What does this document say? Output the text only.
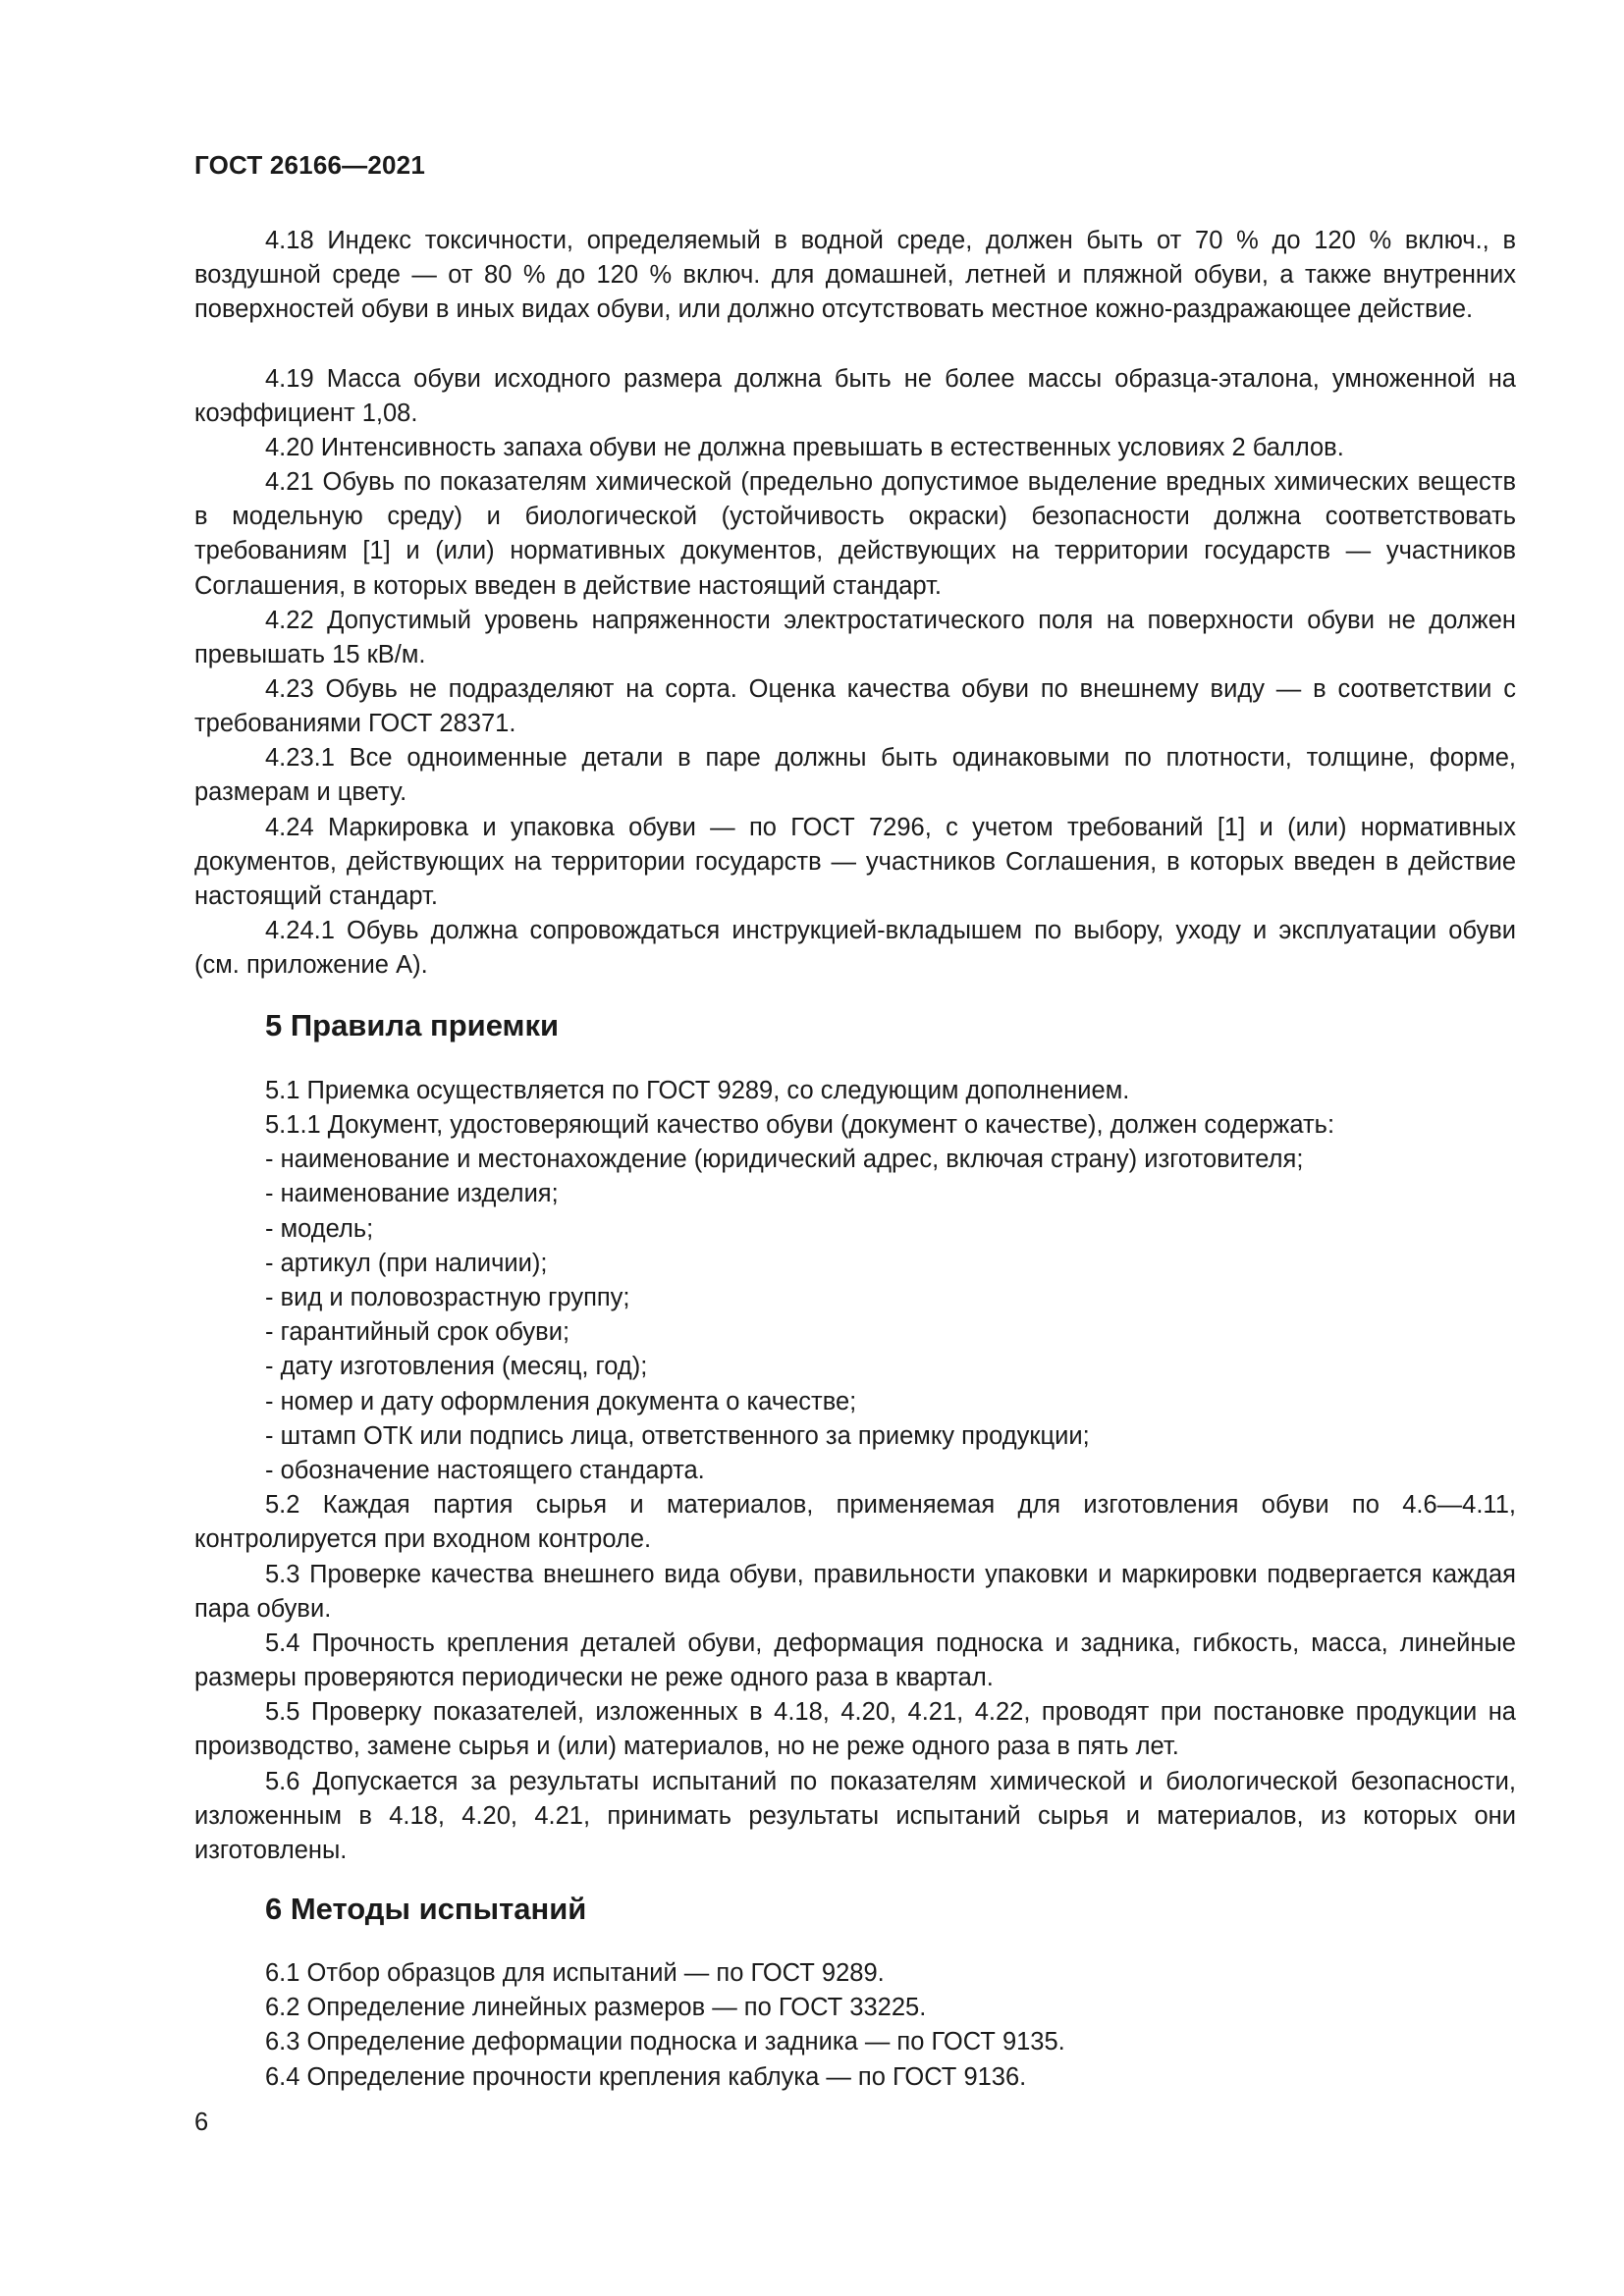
ГОСТ 26166—2021

4.18 Индекс токсичности, определяемый в водной среде, должен быть от 70 % до 120 % включ., в воздушной среде — от 80 % до 120 % включ. для домашней, летней и пляжной обуви, а также внутренних поверхностей обуви в иных видах обуви, или должно отсутствовать местное кожно-раздражающее действие.

4.19 Масса обуви исходного размера должна быть не более массы образца-эталона, умноженной на коэффициент 1,08.

4.20 Интенсивность запаха обуви не должна превышать в естественных условиях 2 баллов.

4.21 Обувь по показателям химической (предельно допустимое выделение вредных химических веществ в модельную среду) и биологической (устойчивость окраски) безопасности должна соответствовать требованиям [1] и (или) нормативных документов, действующих на территории государств — участников Соглашения, в которых введен в действие настоящий стандарт.

4.22 Допустимый уровень напряженности электростатического поля на поверхности обуви не должен превышать 15 кВ/м.

4.23 Обувь не подразделяют на сорта. Оценка качества обуви по внешнему виду — в соответствии с требованиями ГОСТ 28371.

4.23.1 Все одноименные детали в паре должны быть одинаковыми по плотности, толщине, форме, размерам и цвету.

4.24 Маркировка и упаковка обуви — по ГОСТ 7296, с учетом требований [1] и (или) нормативных документов, действующих на территории государств — участников Соглашения, в которых введен в действие настоящий стандарт.

4.24.1 Обувь должна сопровождаться инструкцией-вкладышем по выбору, уходу и эксплуатации обуви (см. приложение А).

5 Правила приемки

5.1 Приемка осуществляется по ГОСТ 9289, со следующим дополнением.

5.1.1 Документ, удостоверяющий качество обуви (документ о качестве), должен содержать:

- наименование и местонахождение (юридический адрес, включая страну) изготовителя;

- наименование изделия;

- модель;

- артикул (при наличии);

- вид и половозрастную группу;

- гарантийный срок обуви;

- дату изготовления (месяц, год);

- номер и дату оформления документа о качестве;

- штамп ОТК или подпись лица, ответственного за приемку продукции;

- обозначение настоящего стандарта.

5.2 Каждая партия сырья и материалов, применяемая для изготовления обуви по 4.6—4.11, контролируется при входном контроле.

5.3 Проверке качества внешнего вида обуви, правильности упаковки и маркировки подвергается каждая пара обуви.

5.4 Прочность крепления деталей обуви, деформация подноска и задника, гибкость, масса, линейные размеры проверяются периодически не реже одного раза в квартал.

5.5 Проверку показателей, изложенных в 4.18, 4.20, 4.21, 4.22, проводят при постановке продукции на производство, замене сырья и (или) материалов, но не реже одного раза в пять лет.

5.6 Допускается за результаты испытаний по показателям химической и биологической безопасности, изложенным в 4.18, 4.20, 4.21, принимать результаты испытаний сырья и материалов, из которых они изготовлены.

6 Методы испытаний

6.1 Отбор образцов для испытаний — по ГОСТ 9289.

6.2 Определение линейных размеров — по ГОСТ 33225.

6.3 Определение деформации подноска и задника — по ГОСТ 9135.

6.4 Определение прочности крепления каблука — по ГОСТ 9136.

6
